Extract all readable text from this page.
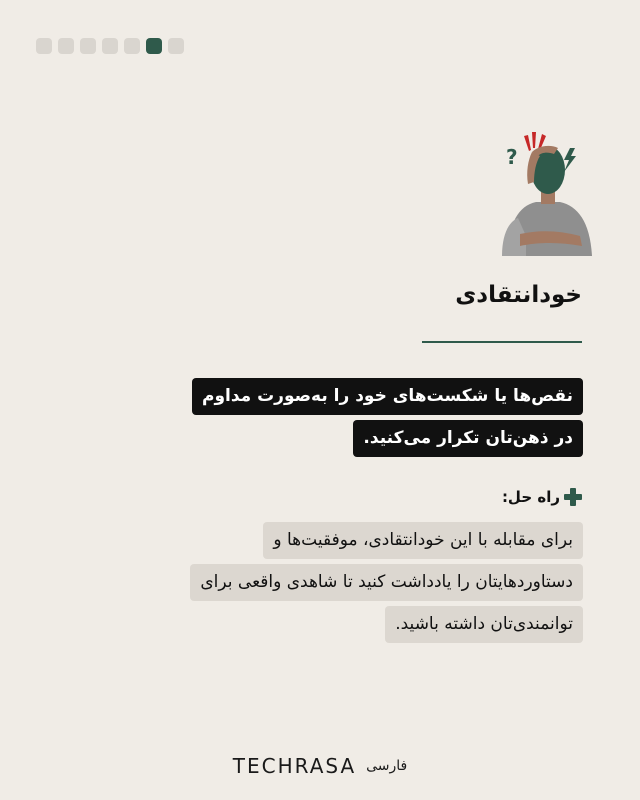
?
خودانتقادی
نقص‌ها یا شکست‌های خود را به‌صورت مداوم
در ذهن‌تان تکرار می‌کنید.
راه حل:
برای مقابله با این خودانتقادی، موفقیت‌ها و
دستاوردهایتان را یادداشت کنید تا شاهدی واقعی برای
توانمندی‌تان داشته باشید.
TECHRASA فارسی
